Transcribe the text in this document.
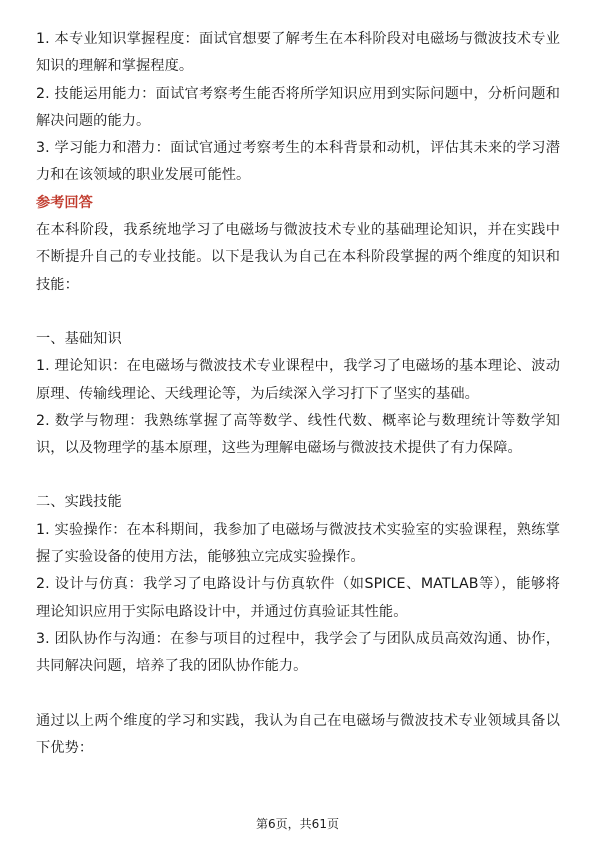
1. 本专业知识掌握程度：面试官想要了解考生在本科阶段对电磁场与微波技术专业知识的理解和掌握程度。

2. 技能运用能力：面试官考察考生能否将所学知识应用到实际问题中，分析问题和解决问题的能力。

3. 学习能力和潜力：面试官通过考察考生的本科背景和动机，评估其未来的学习潜力和在该领域的职业发展可能性。

参考回答

在本科阶段，我系统地学习了电磁场与微波技术专业的基础理论知识，并在实践中不断提升自己的专业技能。以下是我认为自己在本科阶段掌握的两个维度的知识和技能：

一、基础知识

1. 理论知识：在电磁场与微波技术专业课程中，我学习了电磁场的基本理论、波动原理、传输线理论、天线理论等，为后续深入学习打下了坚实的基础。

2. 数学与物理：我熟练掌握了高等数学、线性代数、概率论与数理统计等数学知识，以及物理学的基本原理，这些为理解电磁场与微波技术提供了有力保障。

二、实践技能

1. 实验操作：在本科期间，我参加了电磁场与微波技术实验室的实验课程，熟练掌握了实验设备的使用方法，能够独立完成实验操作。

2. 设计与仿真：我学习了电路设计与仿真软件（如SPICE、MATLAB等），能够将理论知识应用于实际电路设计中，并通过仿真验证其性能。

3. 团队协作与沟通：在参与项目的过程中，我学会了与团队成员高效沟通、协作，共同解决问题，培养了我的团队协作能力。

通过以上两个维度的学习和实践，我认为自己在电磁场与微波技术专业领域具备以下优势：

第6页，共61页
